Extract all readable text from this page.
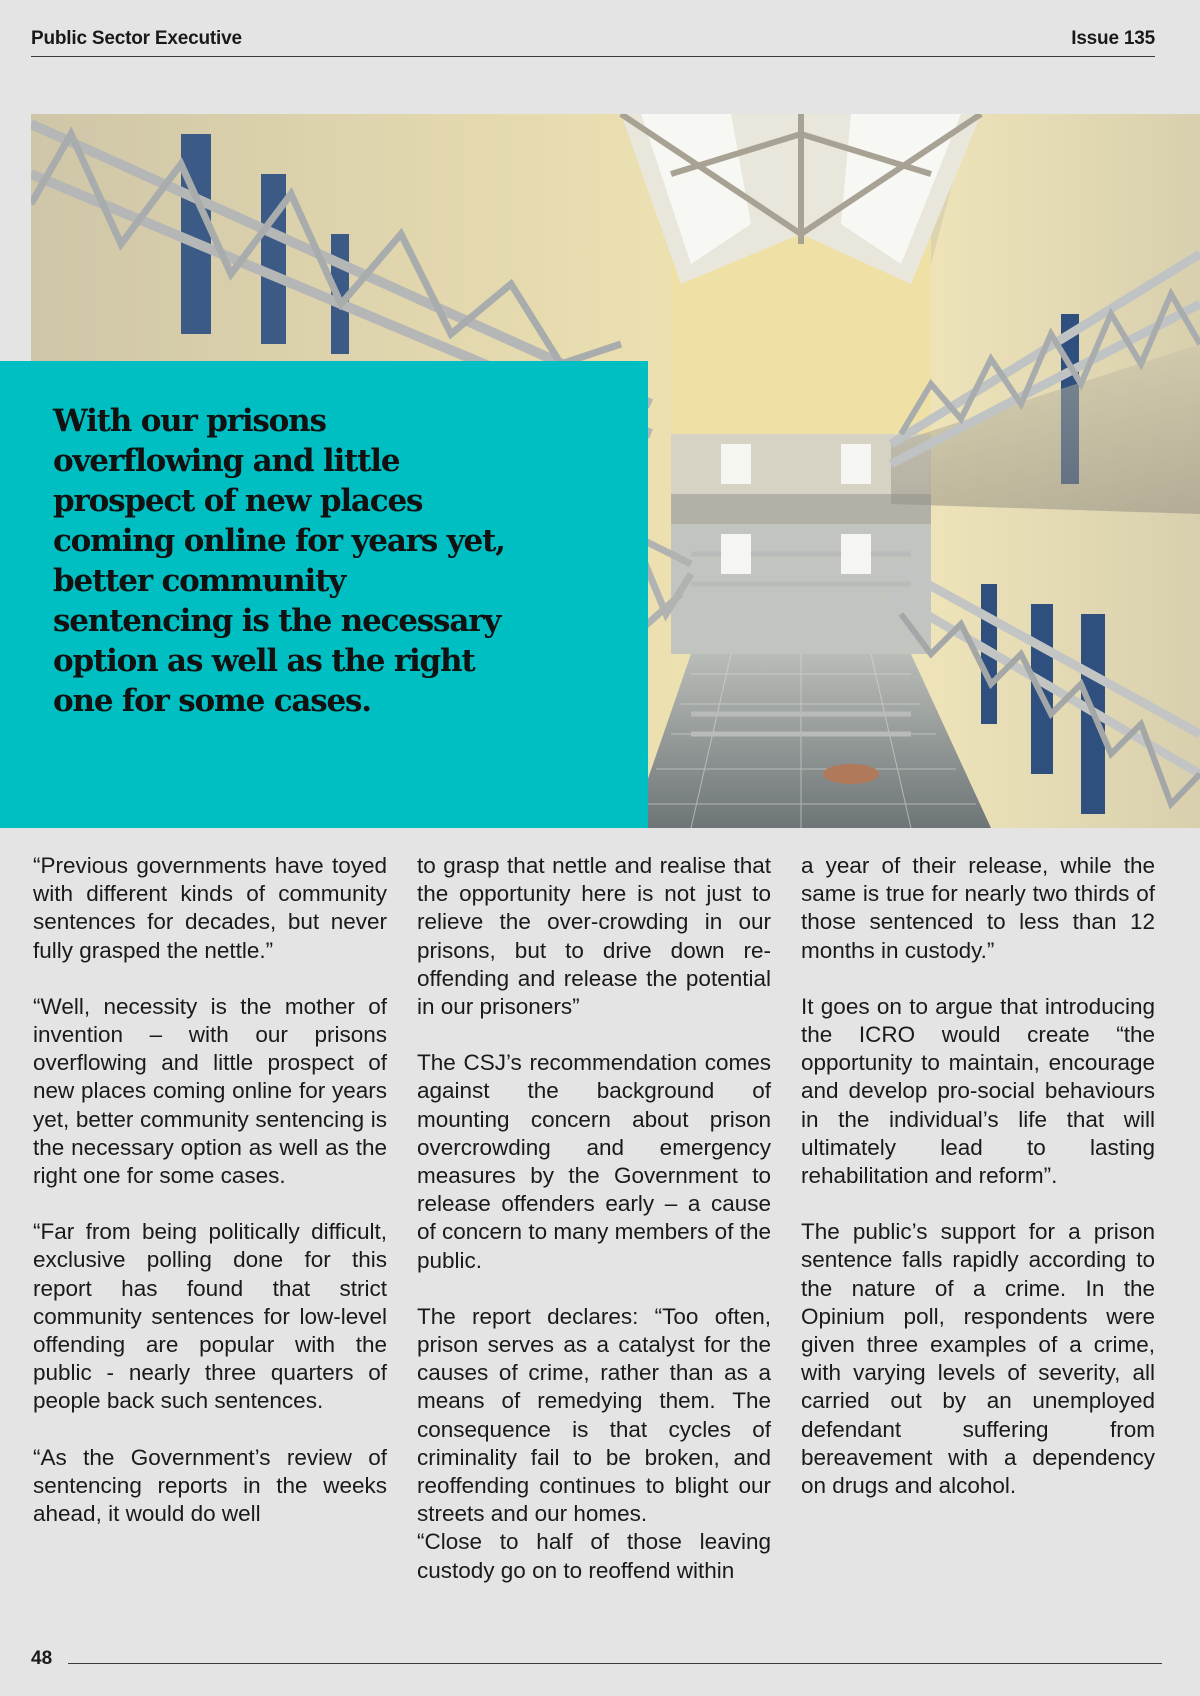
Public Sector Executive	Issue 135

With our prisons overflowing and little prospect of new places coming online for years yet, better community sentencing is the necessary option as well as the right one for some cases.

“Previous governments have toyed with different kinds of community sentences for decades, but never fully grasped the nettle.”

“Well, necessity is the mother of invention – with our prisons overflowing and little prospect of new places coming online for years yet, better community sentencing is the necessary option as well as the right one for some cases.

“Far from being politically difficult, exclusive polling done for this report has found that strict community sentences for low-level offending are popular with the public - nearly three quarters of people back such sentences.

“As the Government’s review of sentencing reports in the weeks ahead, it would do well

to grasp that nettle and realise that the opportunity here is not just to relieve the over-crowding in our prisons, but to drive down re-offending and release the potential in our prisoners”

The CSJ’s recommendation comes against the background of mounting concern about prison overcrowding and emergency measures by the Government to release offenders early – a cause of concern to many members of the public.

The report declares: “Too often, prison serves as a catalyst for the causes of crime, rather than as a means of remedying them. The consequence is that cycles of criminality fail to be broken, and reoffending continues to blight our streets and our homes.

“Close to half of those leaving custody go on to reoffend within

a year of their release, while the same is true for nearly two thirds of those sentenced to less than 12 months in custody.”

It goes on to argue that introducing the ICRO would create “the opportunity to maintain, encourage and develop pro-social behaviours in the individual’s life that will ultimately lead to lasting rehabilitation and reform”.

The public’s support for a prison sentence falls rapidly according to the nature of a crime. In the Opinium poll, respondents were given three examples of a crime, with varying levels of severity, all carried out by an unemployed defendant suffering from bereavement with a dependency on drugs and alcohol.

48
